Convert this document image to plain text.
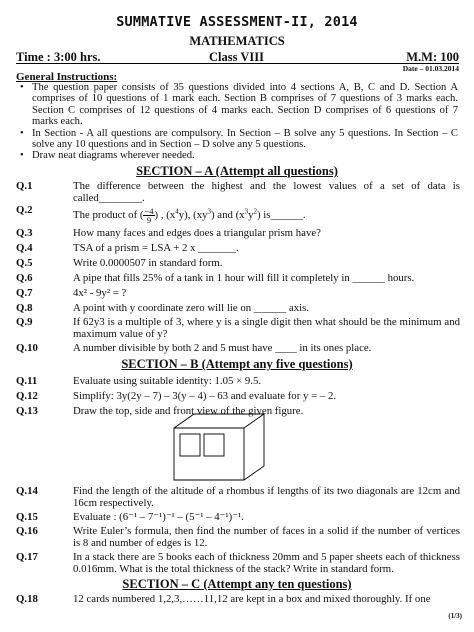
SUMMATIVE ASSESSMENT-II, 2014
MATHEMATICS
Time : 3:00 hrs.	Class VIII	M.M: 100
Date – 01.03.2014
General Instructions:
• The question paper consists of 35 questions divided into 4 sections A, B, C and D. Section A comprises of 10 questions of 1 mark each. Section B comprises of 7 questions of 3 marks each. Section C comprises of 12 questions of 4 marks each. Section D comprises of 6 questions of 7 marks each.
• In Section - A all questions are compulsory. In Section – B solve any 5 questions. In Section – C solve any 10 questions and in Section – D solve any 5 questions.
• Draw neat diagrams wherever needed.
SECTION – A (Attempt all questions)
Q.1	The difference between the highest and the lowest values of a set of data is called________.
Q.2	The product of ( $\frac{-4}{9}$ ) , $(x^4y)$, $(xy^3)$ and $(x^3y^2)$ is______.
Q.3	How many faces and edges does a triangular prism have?
Q.4	TSA of a prism = LSA + 2 x _______.
Q.5	Write 0.0000507 in standard form.
Q.6	A pipe that fills 25% of a tank in 1 hour will fill it completely in ______ hours.
Q.7	4x² - 9y² = ?
Q.8	A point with y coordinate zero will lie on ______ axis.
Q.9	If 62y3 is a multiple of 3, where y is a single digit then what should be the minimum and maximum value of y?
Q.10	A number divisible by both 2 and 5 must have ____ in its ones place.
SECTION – B (Attempt any five questions)
Q.11	Evaluate using suitable identity: 1.05 × 9.5.
Q.12	Simplify: 3y(2y – 7) – 3(y – 4) – 63 and evaluate for y = – 2.
Q.13	Draw the top, side and front view of the given figure.
Q.14	Find the length of the altitude of a rhombus if lengths of its two diagonals are 12cm and 16cm respectively.
Q.15	Evaluate : (6⁻¹ – 7⁻¹)⁻¹ – (5⁻¹ – 4⁻¹)⁻¹.
Q.16	Write Euler’s formula, then find the number of faces in a solid if the number of vertices is 8 and number of edges is 12.
Q.17	In a stack there are 5 books each of thickness 20mm and 5 paper sheets each of thickness 0.016mm. What is the total thickness of the stack? Write in standard form.
SECTION – C (Attempt any ten questions)
Q.18	12 cards numbered 1,2,3,……11,12 are kept in a box and mixed thoroughly. If one
(1/3)
